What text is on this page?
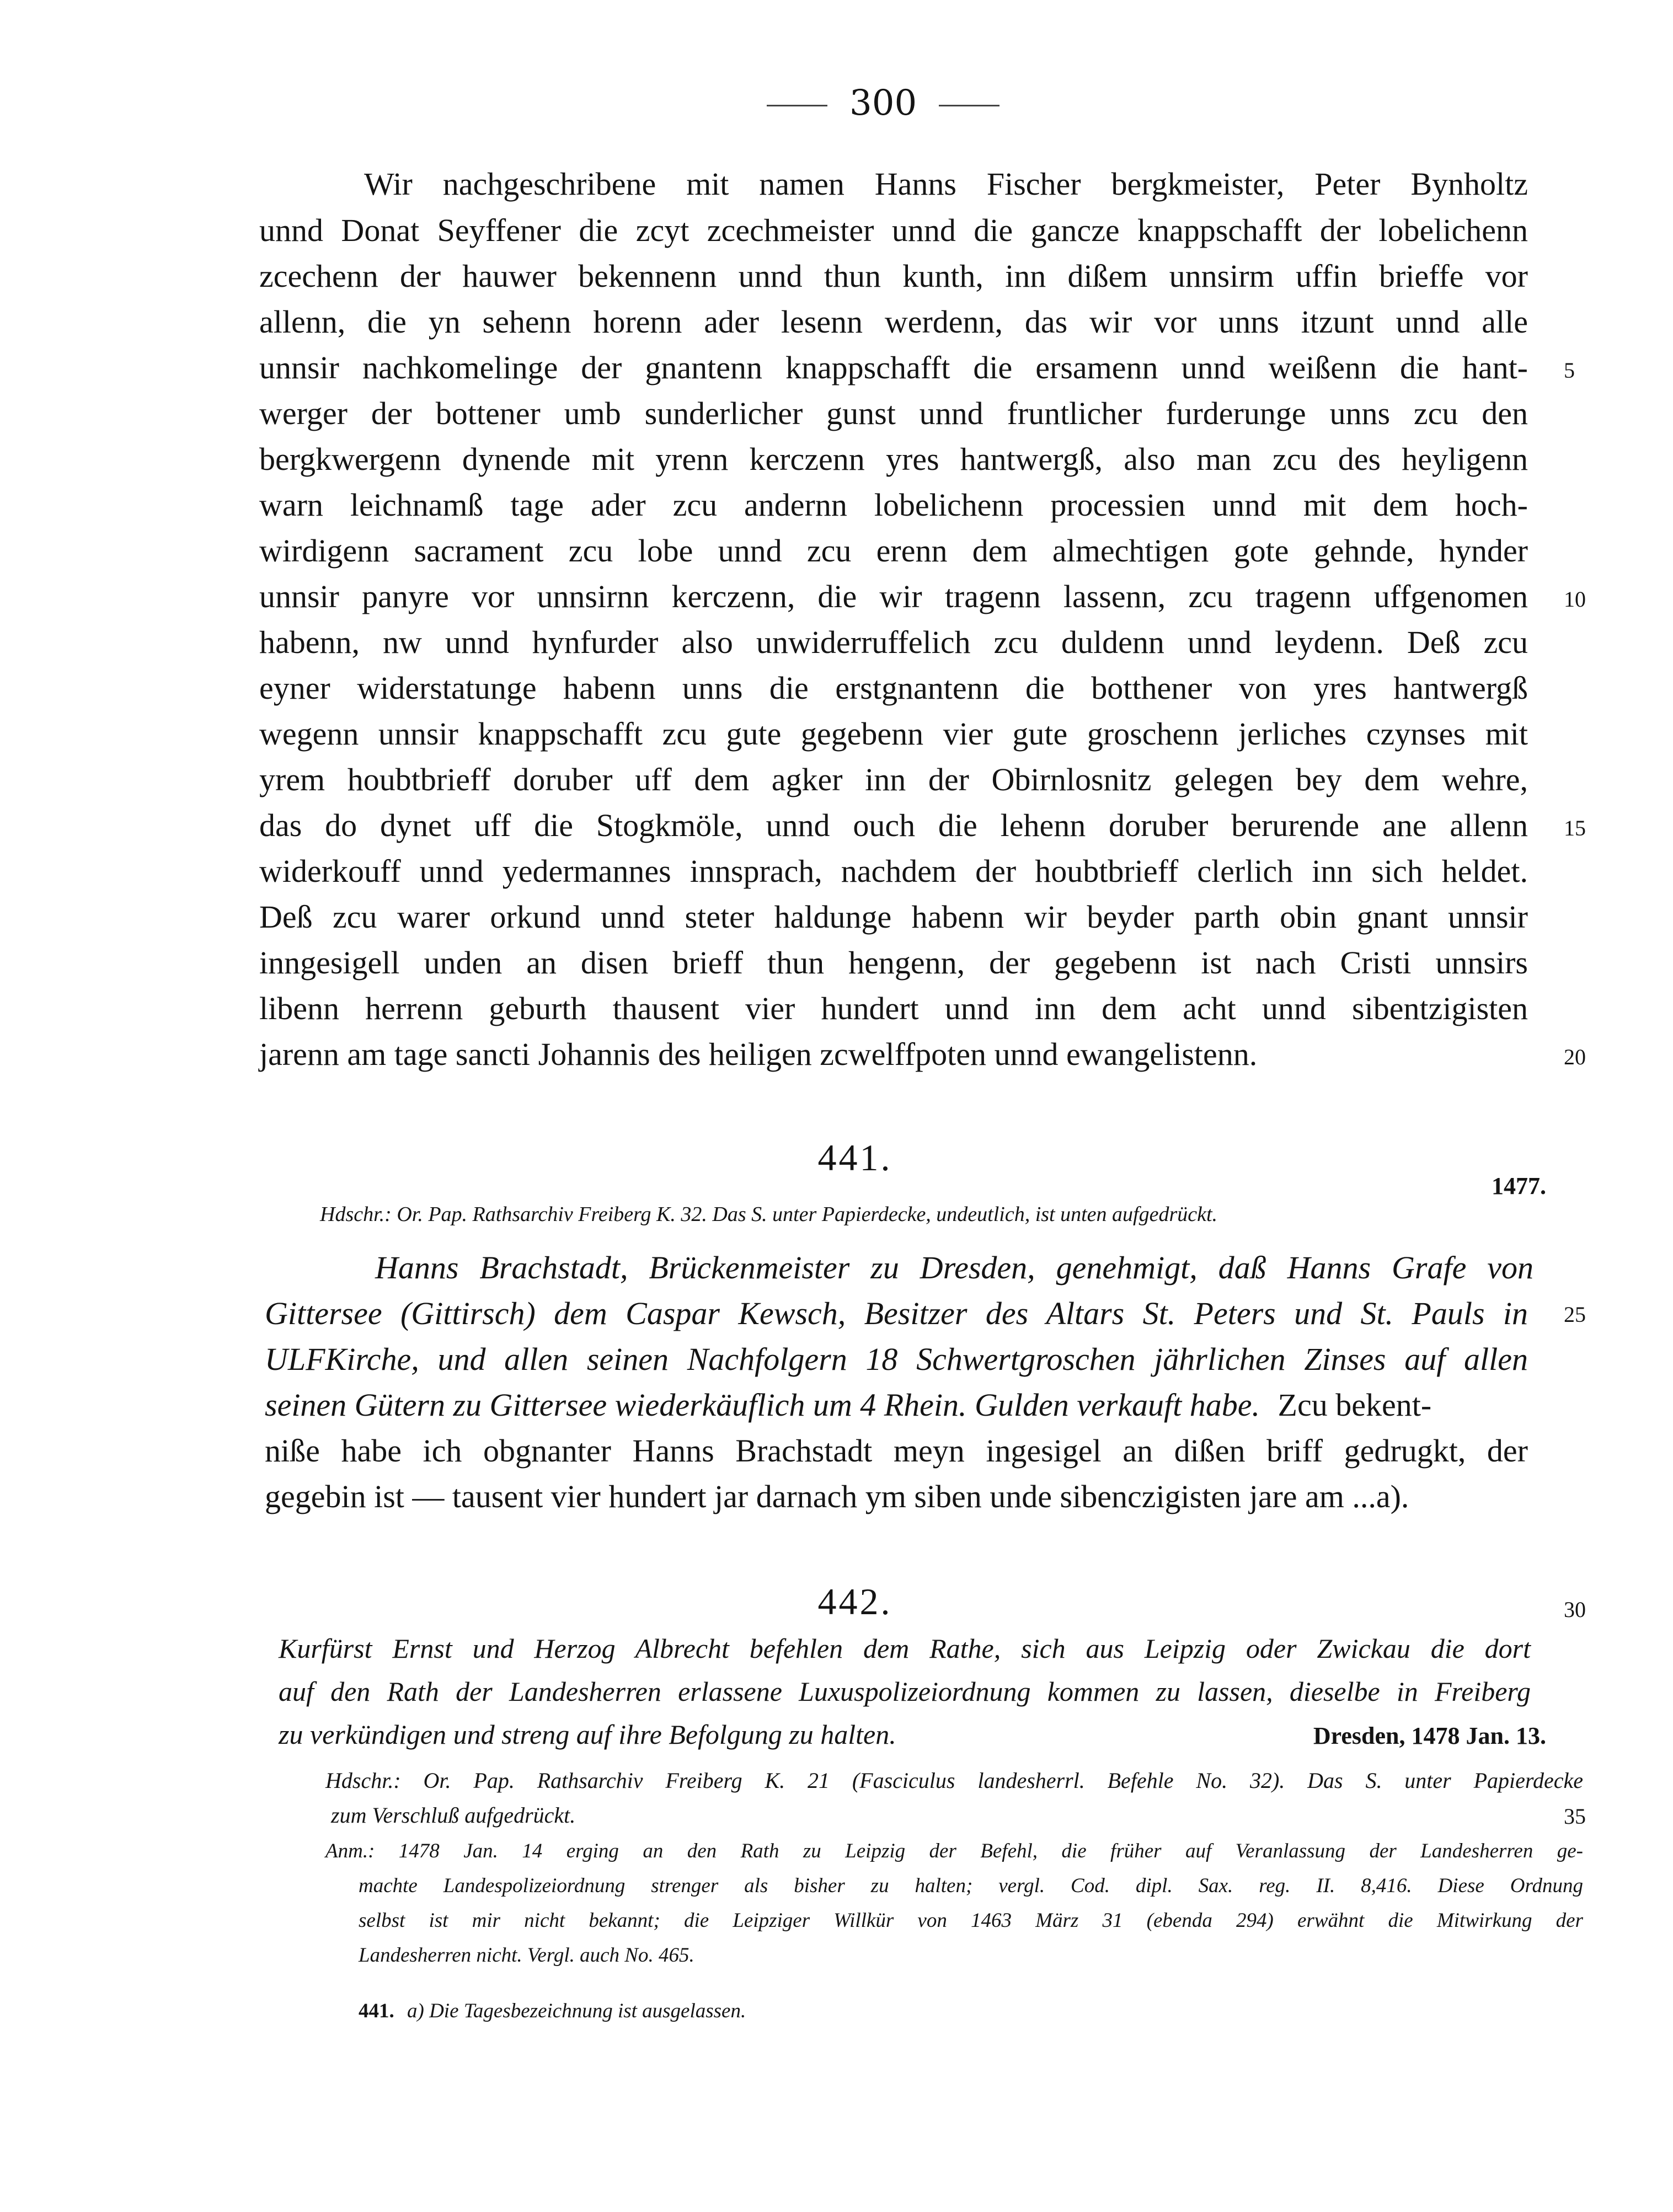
300
Wir nachgeschribene mit namen Hanns Fischer bergkmeister, Peter Bynholtz
unnd Donat Seyffener die zcyt zcechmeister unnd die gancze knappschafft der lobelichenn
zcechenn der hauwer bekennenn unnd thun kunth, inn dißem unnsirm uffin brieffe vor
allenn, die yn sehenn horenn ader lesenn werdenn, das wir vor unns itzunt unnd alle
unnsir nachkomelinge der gnantenn knappschafft die ersamenn unnd weißenn die hant-
werger der bottener umb sunderlicher gunst unnd fruntlicher furderunge unns zcu den
bergkwergenn dynende mit yrenn kerczenn yres hantwergß, also man zcu des heyligenn
warn leichnamß tage ader zcu andernn lobelichenn processien unnd mit dem hoch-
wirdigenn sacrament zcu lobe unnd zcu erenn dem almechtigen gote gehnde, hynder
unnsir panyre vor unnsirnn kerczenn, die wir tragenn lassenn, zcu tragenn uffgenomen
habenn, nw unnd hynfurder also unwiderruffelich zcu duldenn unnd leydenn. Deß zcu
eyner widerstatunge habenn unns die erstgnantenn die botthener von yres hantwergß
wegenn unnsir knappschafft zcu gute gegebenn vier gute groschenn jerliches czynses mit
yrem houbtbrieff doruber uff dem agker inn der Obirnlosnitz gelegen bey dem wehre,
das do dynet uff die Stogkmöle, unnd ouch die lehenn doruber berurende ane allenn
widerkouff unnd yedermannes innsprach, nachdem der houbtbrieff clerlich inn sich heldet.
Deß zcu warer orkund unnd steter haldunge habenn wir beyder parth obin gnant unnsir
inngesigell unden an disen brieff thun hengenn, der gegebenn ist nach Cristi unnsirs
libenn herrenn geburth thausent vier hundert unnd inn dem acht unnd sibentzigisten
jarenn am tage sancti Johannis des heiligen zcwelffpoten unnd ewangelistenn.
5
10
15
20
25
30
35
441.
1477.
Hdschr.: Or. Pap. Rathsarchiv Freiberg K. 32. Das S. unter Papierdecke, undeutlich, ist unten aufgedrückt.
Hanns Brachstadt, Brückenmeister zu Dresden, genehmigt, daß Hanns Grafe von
Gittersee (Gittirsch) dem Caspar Kewsch, Besitzer des Altars St. Peters und St. Pauls in
ULFKirche, und allen seinen Nachfolgern 18 Schwertgroschen jährlichen Zinses auf allen
seinen Gütern zu Gittersee wiederkäuflich um 4 Rhein. Gulden verkauft habe. Zcu bekent-
niße habe ich obgnanter Hanns Brachstadt meyn ingesigel an dißen briff gedrugkt, der
gegebin ist — tausent vier hundert jar darnach ym siben unde sibenczigisten jare am ...a).
442.
Kurfürst Ernst und Herzog Albrecht befehlen dem Rathe, sich aus Leipzig oder Zwickau die dort
auf den Rath der Landesherren erlassene Luxuspolizeiordnung kommen zu lassen, dieselbe in Freiberg
zu verkündigen und streng auf ihre Befolgung zu halten.	Dresden, 1478 Jan. 13.
Hdschr.: Or. Pap. Rathsarchiv Freiberg K. 21 (Fasciculus landesherrl. Befehle No. 32). Das S. unter Papierdecke
zum Verschluß aufgedrückt.
Anm.: 1478 Jan. 14 erging an den Rath zu Leipzig der Befehl, die früher auf Veranlassung der Landesherren ge-
machte Landespolizeiordnung strenger als bisher zu halten; vergl. Cod. dipl. Sax. reg. II. 8,416. Diese Ordnung
selbst ist mir nicht bekannt; die Leipziger Willkür von 1463 März 31 (ebenda 294) erwähnt die Mitwirkung der
Landesherren nicht. Vergl. auch No. 465.
441. a) Die Tagesbezeichnung ist ausgelassen.
